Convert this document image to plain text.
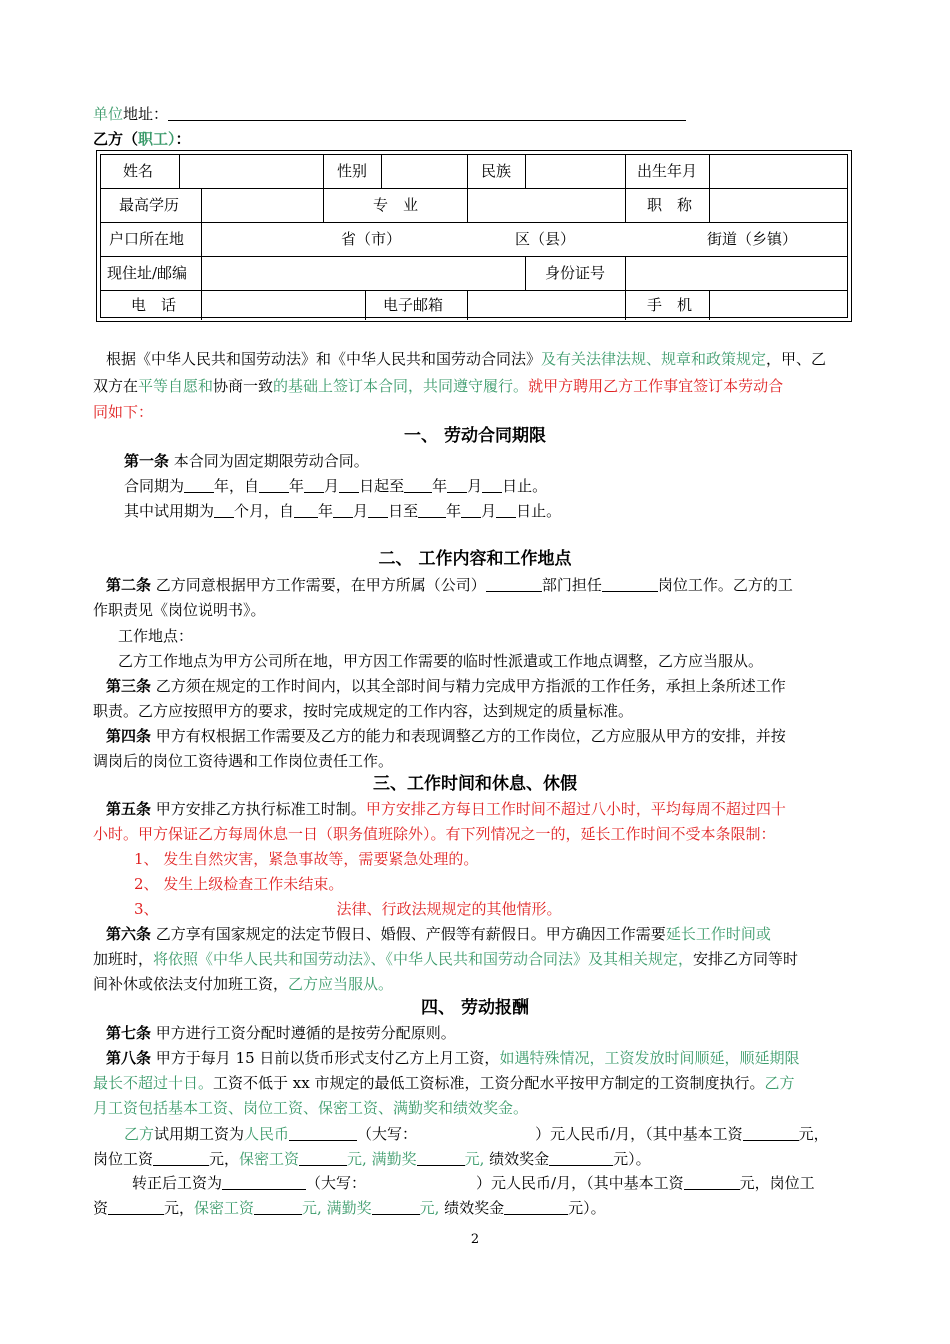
单位地址：
乙方（职工）：
姓名	性别	民族	出生年月
最高学历	专　业	职　称
户口所在地	省（市）	区（县）	街道（乡镇）
现住址/邮编	身份证号
电　话	电子邮箱	手　机
根据《中华人民共和国劳动法》和《中华人民共和国劳动合同法》及有关法律法规、规章和政策规定，甲、乙
双方在平等自愿和协商一致的基础上签订本合同，共同遵守履行。就甲方聘用乙方工作事宜签订本劳动合
同如下：
一、 劳动合同期限
第一条 本合同为固定期限劳动合同。
合同期为 年，自 年 月 日起至 年 月 日止。
其中试用期为 个月，自 年 月 日至 年 月 日止。
二、 工作内容和工作地点
第二条 乙方同意根据甲方工作需要，在甲方所属（公司）	部门担任	岗位工作。乙方的工
作职责见《岗位说明书》。
工作地点：
乙方工作地点为甲方公司所在地，甲方因工作需要的临时性派遣或工作地点调整，乙方应当服从。
第三条 乙方须在规定的工作时间内，以其全部时间与精力完成甲方指派的工作任务，承担上条所述工作
职责。乙方应按照甲方的要求，按时完成规定的工作内容，达到规定的质量标准。
第四条 甲方有权根据工作需要及乙方的能力和表现调整乙方的工作岗位，乙方应服从甲方的安排，并按
调岗后的岗位工资待遇和工作岗位责任工作。
三、工作时间和休息、休假
第五条 甲方安排乙方执行标准工时制。甲方安排乙方每日工作时间不超过八小时，平均每周不超过四十
小时。甲方保证乙方每周休息一日（职务值班除外）。有下列情况之一的，延长工作时间不受本条限制：
1、 发生自然灾害，紧急事故等，需要紧急处理的。
2、 发生上级检查工作未结束。
3、	法律、行政法规规定的其他情形。
第六条 乙方享有国家规定的法定节假日、婚假、产假等有薪假日。甲方确因工作需要延长工作时间或
加班时，将依照《中华人民共和国劳动法》、《中华人民共和国劳动合同法》及其相关规定，安排乙方同等时
间补休或依法支付加班工资，乙方应当服从。
四、 劳动报酬
第七条 甲方进行工资分配时遵循的是按劳分配原则。
第八条 甲方于每月 15 日前以货币形式支付乙方上月工资，如遇特殊情况，工资发放时间顺延，顺延期限
最长不超过十日。工资不低于 xx 市规定的最低工资标准，工资分配水平按甲方制定的工资制度执行。乙方
月工资包括基本工资、岗位工资、保密工资、满勤奖和绩效奖金。
乙方试用期工资为人民币	（大写：	）元人民币/月，（其中基本工资	元，
岗位工资	元，保密工资	元, 满勤奖	元, 绩效奖金	元）。
转正后工资为	（大写：	）元人民币/月，（其中基本工资	元，岗位工
资	元，保密工资	元, 满勤奖	元, 绩效奖金	元）。
2
